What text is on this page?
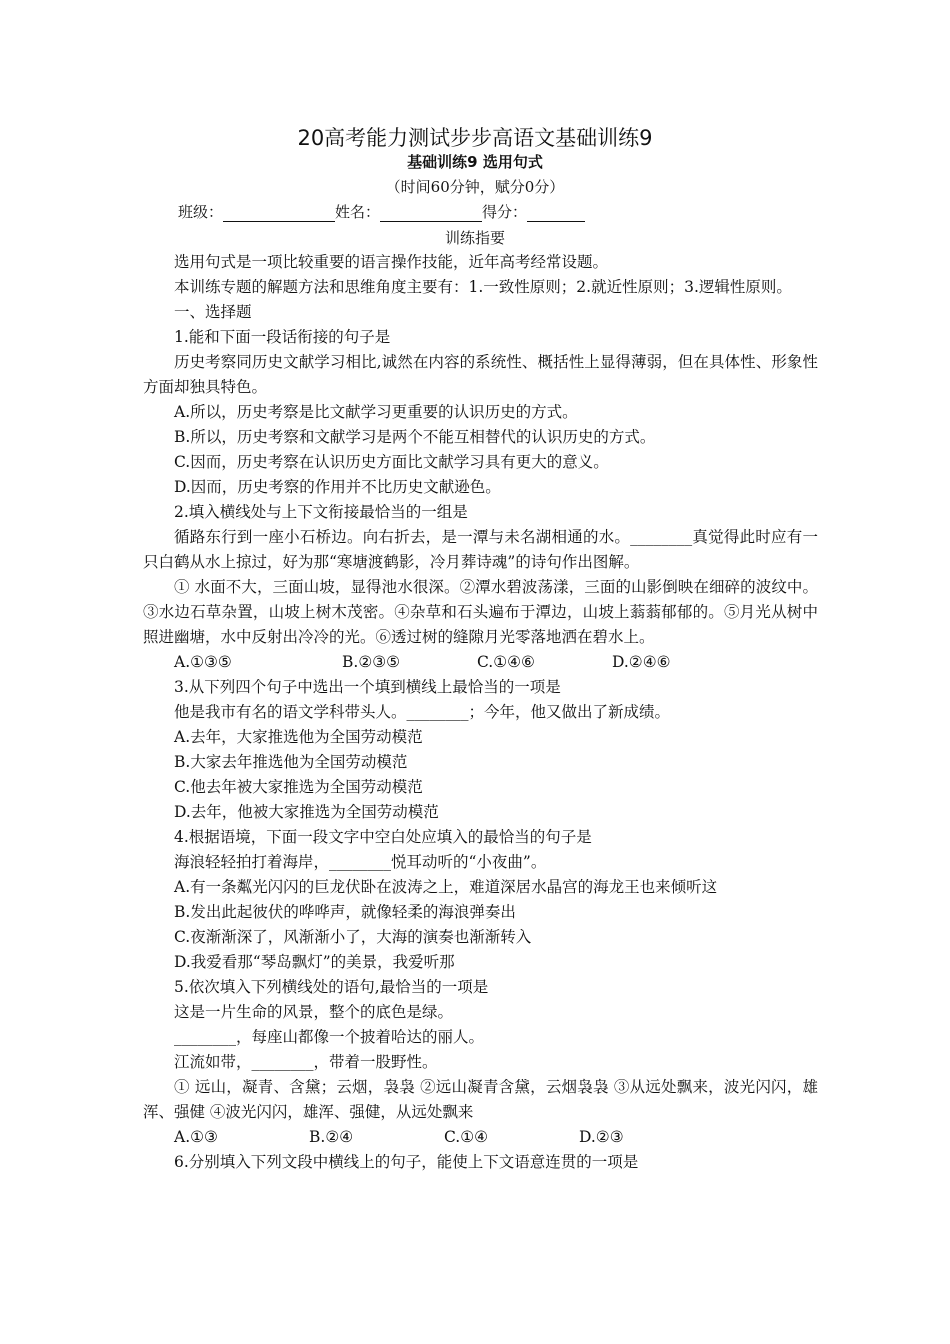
20高考能力测试步步高语文基础训练9
基础训练9 选用句式
（时间60分钟，赋分0分）
班级：	姓名：	得分：
训练指要

选用句式是一项比较重要的语言操作技能，近年高考经常设题。

本训练专题的解题方法和思维角度主要有：1.一致性原则；2.就近性原则；3.逻辑性原则。

一、选择题

1.能和下面一段话衔接的句子是

历史考察同历史文献学习相比,诚然在内容的系统性、概括性上显得薄弱，但在具体性、形象性方面却独具特色。

A.所以，历史考察是比文献学习更重要的认识历史的方式。

B.所以，历史考察和文献学习是两个不能互相替代的认识历史的方式。

C.因而，历史考察在认识历史方面比文献学习具有更大的意义。

D.因而，历史考察的作用并不比历史文献逊色。

2.填入横线处与上下文衔接最恰当的一组是

循路东行到一座小石桥边。向右折去，是一潭与未名湖相通的水。________真觉得此时应有一只白鹤从水上掠过，好为那“寒塘渡鹤影，冷月葬诗魂”的诗句作出图解。

① 水面不大，三面山坡，显得池水很深。②潭水碧波荡漾，三面的山影倒映在细碎的波纹中。③水边石草杂置，山坡上树木茂密。④杂草和石头遍布于潭边，山坡上蓊蓊郁郁的。⑤月光从树中照进幽塘，水中反射出冷冷的光。⑥透过树的缝隙月光零落地洒在碧水上。

A.①③⑤	B.②③⑤	C.①④⑥	D.②④⑥

3.从下列四个句子中选出一个填到横线上最恰当的一项是

他是我市有名的语文学科带头人。________；今年，他又做出了新成绩。

A.去年，大家推选他为全国劳动模范

B.大家去年推选他为全国劳动模范

C.他去年被大家推选为全国劳动模范

D.去年，他被大家推选为全国劳动模范

4.根据语境，下面一段文字中空白处应填入的最恰当的句子是

海浪轻轻拍打着海岸，________悦耳动听的“小夜曲”。

A.有一条粼光闪闪的巨龙伏卧在波涛之上，难道深居水晶宫的海龙王也来倾听这

B.发出此起彼伏的哗哗声，就像轻柔的海浪弹奏出

C.夜渐渐深了，风渐渐小了，大海的演奏也渐渐转入

D.我爱看那“琴岛飘灯”的美景，我爱听那

5.依次填入下列横线处的语句,最恰当的一项是

这是一片生命的风景，整个的底色是绿。

________，每座山都像一个披着哈达的丽人。

江流如带，________，带着一股野性。

① 远山，凝青、含黛；云烟，袅袅 ②远山凝青含黛，云烟袅袅 ③从远处飘来，波光闪闪，雄浑、强健 ④波光闪闪，雄浑、强健，从远处飘来

A.①③	B.②④	C.①④	D.②③

6.分别填入下列文段中横线上的句子，能使上下文语意连贯的一项是
